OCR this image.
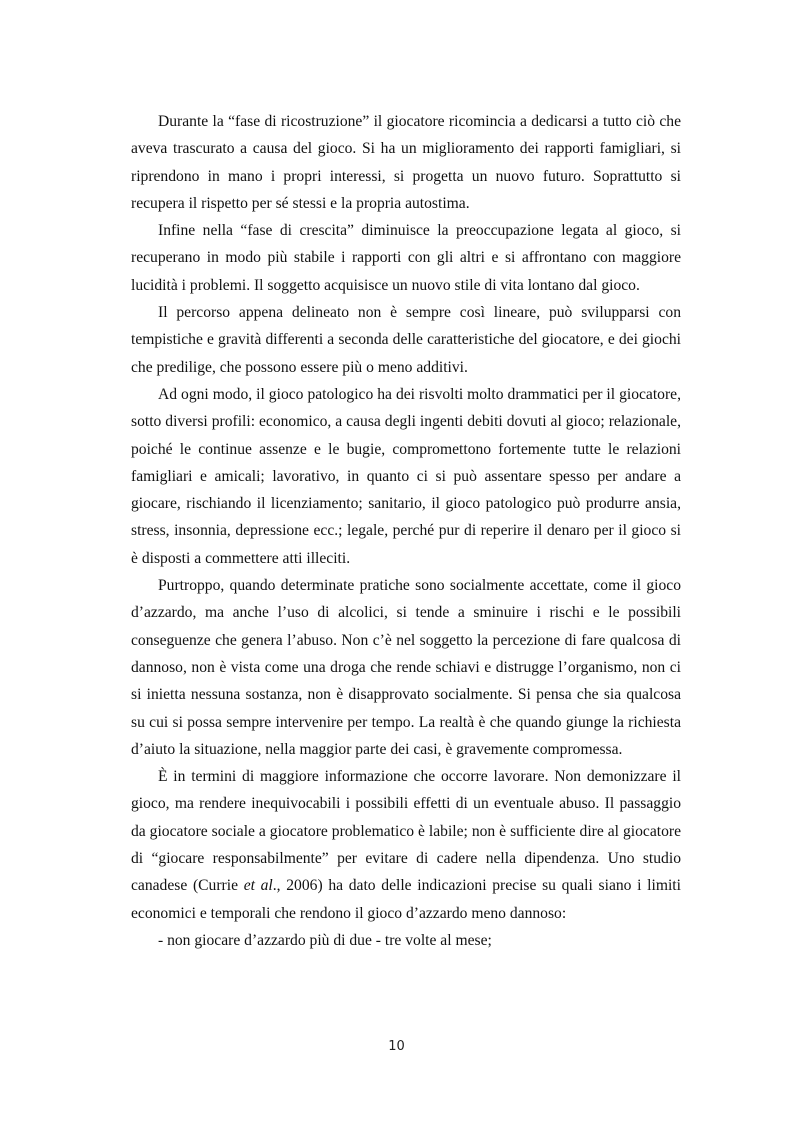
Durante la “fase di ricostruzione” il giocatore ricomincia a dedicarsi a tutto ciò che aveva trascurato a causa del gioco. Si ha un miglioramento dei rapporti famigliari, si riprendono in mano i propri interessi, si progetta un nuovo futuro. Soprattutto si recupera il rispetto per sé stessi e la propria autostima.

Infine nella “fase di crescita” diminuisce la preoccupazione legata al gioco, si recuperano in modo più stabile i rapporti con gli altri e si affrontano con maggiore lucidità i problemi. Il soggetto acquisisce un nuovo stile di vita lontano dal gioco.

Il percorso appena delineato non è sempre così lineare, può svilupparsi con tempistiche e gravità differenti a seconda delle caratteristiche del giocatore, e dei giochi che predilige, che possono essere più o meno additivi.

Ad ogni modo, il gioco patologico ha dei risvolti molto drammatici per il giocatore, sotto diversi profili: economico, a causa degli ingenti debiti dovuti al gioco; relazionale, poiché le continue assenze e le bugie, compromettono fortemente tutte le relazioni famigliari e amicali; lavorativo, in quanto ci si può assentare spesso per andare a giocare, rischiando il licenziamento; sanitario, il gioco patologico può produrre ansia, stress, insonnia, depressione ecc.; legale, perché pur di reperire il denaro per il gioco si è disposti a commettere atti illeciti.

Purtroppo, quando determinate pratiche sono socialmente accettate, come il gioco d’azzardo, ma anche l’uso di alcolici, si tende a sminuire i rischi e le possibili conseguenze che genera l’abuso. Non c’è nel soggetto la percezione di fare qualcosa di dannoso, non è vista come una droga che rende schiavi e distrugge l’organismo, non ci si inietta nessuna sostanza, non è disapprovato socialmente. Si pensa che sia qualcosa su cui si possa sempre intervenire per tempo. La realtà è che quando giunge la richiesta d’aiuto la situazione, nella maggior parte dei casi, è gravemente compromessa.

È in termini di maggiore informazione che occorre lavorare. Non demonizzare il gioco, ma rendere inequivocabili i possibili effetti di un eventuale abuso. Il passaggio da giocatore sociale a giocatore problematico è labile; non è sufficiente dire al giocatore di “giocare responsabilmente” per evitare di cadere nella dipendenza. Uno studio canadese (Currie et al., 2006) ha dato delle indicazioni precise su quali siano i limiti economici e temporali che rendono il gioco d’azzardo meno dannoso:

- non giocare d’azzardo più di due - tre volte al mese;

10
